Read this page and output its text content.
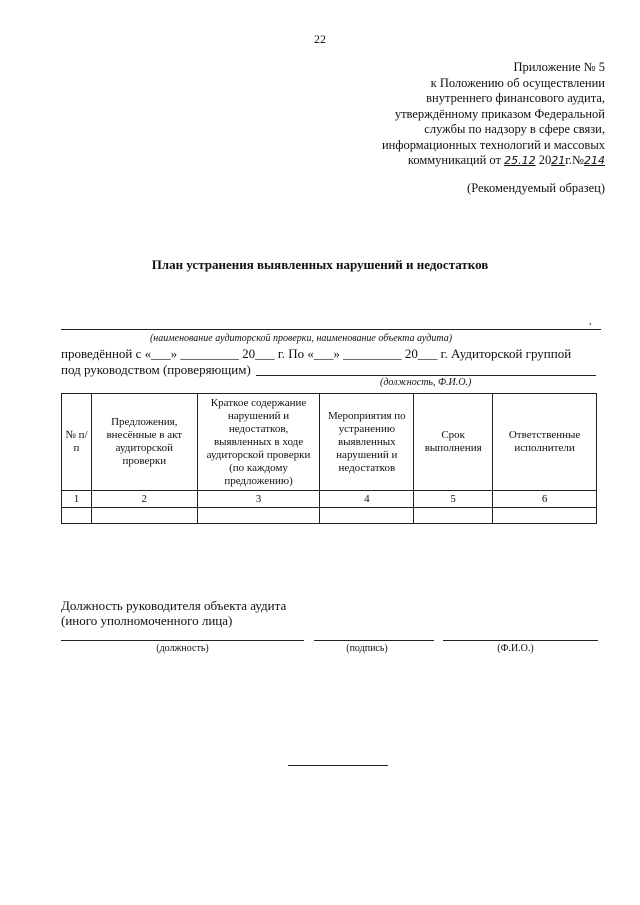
22
Приложение № 5
к Положению об осуществлении
внутреннего финансового аудита,
утверждённому приказом Федеральной
службы по надзору в сфере связи,
информационных технологий и массовых
коммуникаций от 25.12 2021г.№214
(Рекомендуемый образец)
План устранения выявленных нарушений и недостатков
,
(наименование аудиторской проверки, наименование объекта аудита)
проведённой с «___» _________ 20___ г. По «___» _________ 20___ г. Аудиторской группой
под руководством (проверяющим)
(должность, Ф.И.О.)
№ п/п	Предложения, внесённые в акт аудиторской проверки	Краткое содержание нарушений и недостатков, выявленных в ходе аудиторской проверки (по каждому предложению)	Мероприятия по устранению выявленных нарушений и недостатков	Срок выполнения	Ответственные исполнители
1	2	3	4	5	6

Должность руководителя объекта аудита
(иного уполномоченного лица)
(должность)	(подпись)	(Ф.И.О.)
